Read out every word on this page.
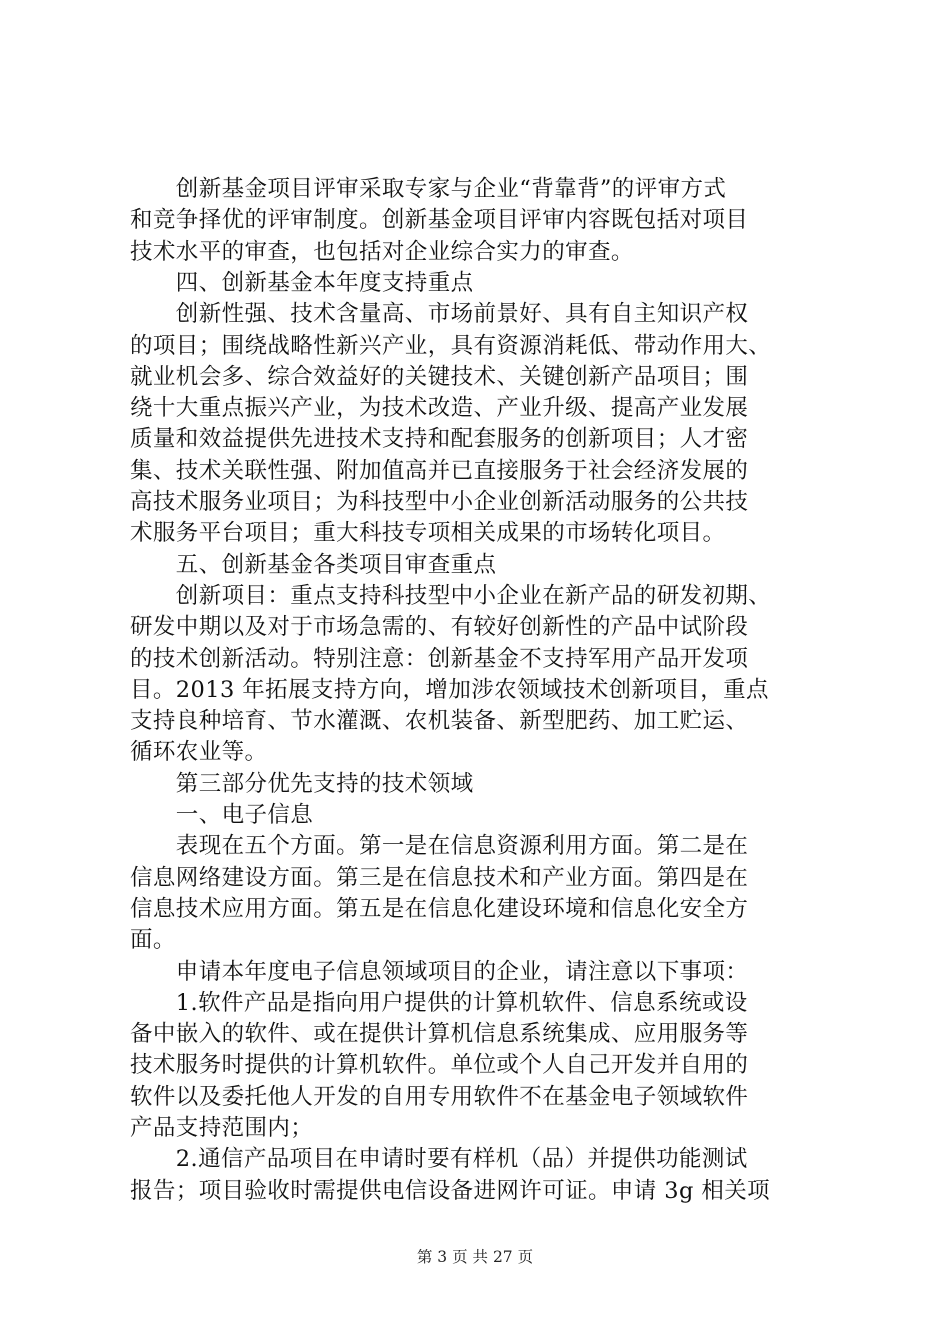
　　创新基金项目评审采取专家与企业“背靠背”的评审方式
和竞争择优的评审制度。创新基金项目评审内容既包括对项目
技术水平的审查，也包括对企业综合实力的审查。
　　四、创新基金本年度支持重点
　　创新性强、技术含量高、市场前景好、具有自主知识产权
的项目；围绕战略性新兴产业，具有资源消耗低、带动作用大、
就业机会多、综合效益好的关键技术、关键创新产品项目；围
绕十大重点振兴产业，为技术改造、产业升级、提高产业发展
质量和效益提供先进技术支持和配套服务的创新项目；人才密
集、技术关联性强、附加值高并已直接服务于社会经济发展的
高技术服务业项目；为科技型中小企业创新活动服务的公共技
术服务平台项目；重大科技专项相关成果的市场转化项目。
　　五、创新基金各类项目审查重点
　　创新项目：重点支持科技型中小企业在新产品的研发初期、
研发中期以及对于市场急需的、有较好创新性的产品中试阶段
的技术创新活动。特别注意：创新基金不支持军用产品开发项
目。2013 年拓展支持方向，增加涉农领域技术创新项目，重点
支持良种培育、节水灌溉、农机装备、新型肥药、加工贮运、
循环农业等。
　　第三部分优先支持的技术领域
　　一、电子信息
　　表现在五个方面。第一是在信息资源利用方面。第二是在
信息网络建设方面。第三是在信息技术和产业方面。第四是在
信息技术应用方面。第五是在信息化建设环境和信息化安全方
面。
　　申请本年度电子信息领域项目的企业，请注意以下事项：
　　1.软件产品是指向用户提供的计算机软件、信息系统或设
备中嵌入的软件、或在提供计算机信息系统集成、应用服务等
技术服务时提供的计算机软件。单位或个人自己开发并自用的
软件以及委托他人开发的自用专用软件不在基金电子领域软件
产品支持范围内；
　　2.通信产品项目在申请时要有样机（品）并提供功能测试
报告；项目验收时需提供电信设备进网许可证。申请 3g 相关项
第 3 页 共 27 页
